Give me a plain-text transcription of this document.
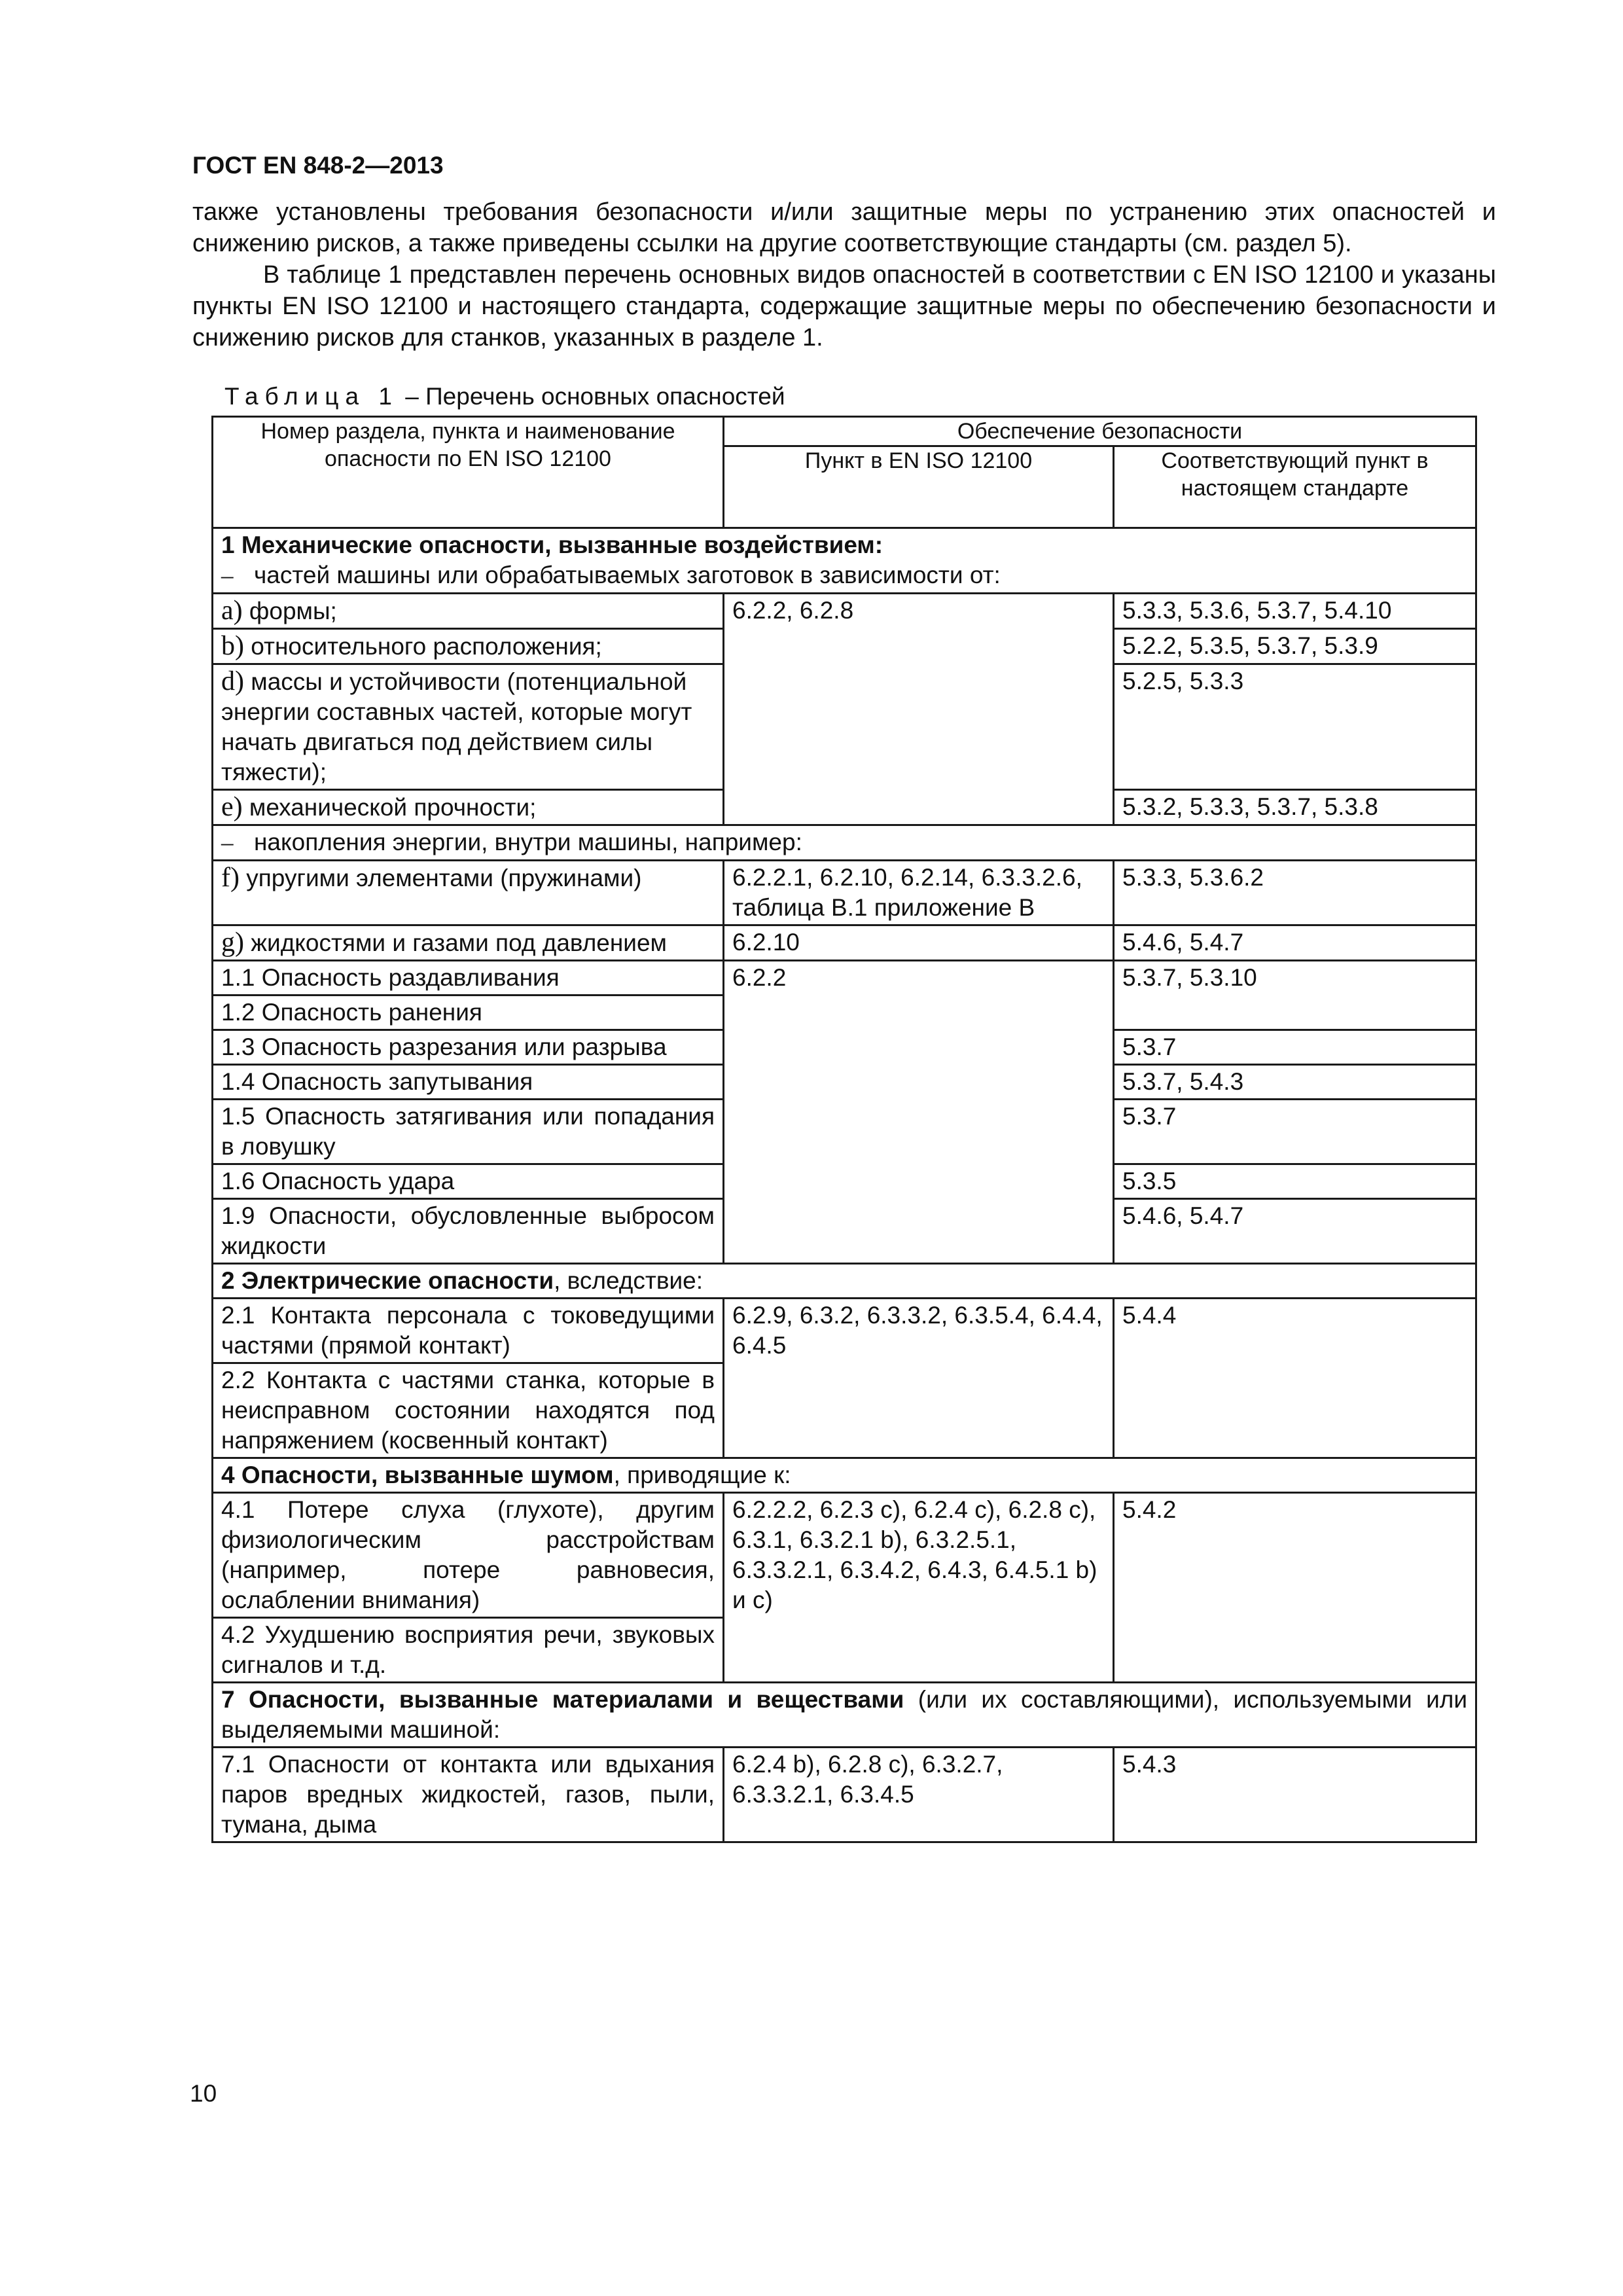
ГОСТ EN 848-2—2013

также установлены требования безопасности и/или защитные меры по устранению этих опасностей и снижению рисков, а также приведены ссылки на другие соответствующие стандарты (см. раздел 5).

В таблице 1 представлен перечень основных видов опасностей в соответствии с EN ISO 12100 и указаны пункты EN ISO 12100 и настоящего стандарта, содержащие защитные меры по обеспечению безопасности и снижению рисков для станков, указанных в разделе 1.

Таблица 1 – Перечень основных опасностей
Номер раздела, пункта и наименование опасности по EN ISO 12100	Обеспечение безопасности	
	Пункт в EN ISO 12100	Соответствующий пункт в настоящем стандарте

1 Механические опасности, вызванные воздействием:
– частей машины или обрабатываемых заготовок в зависимости от:		

а) формы;	6.2.2, 6.2.8	5.3.3, 5.3.6, 5.3.7, 5.4.10
b) относительного расположения;		5.2.2, 5.3.5, 5.3.7, 5.3.9
d) массы и устойчивости (потенциальной энергии составных частей, которые могут начать двигаться под действием силы тяжести);		5.2.5, 5.3.3
е) механической прочности;		5.3.2, 5.3.3, 5.3.7, 5.3.8
– накопления энергии, внутри машины, например:		
f) упругими элементами (пружинами)	6.2.2.1, 6.2.10, 6.2.14, 6.3.3.2.6, таблица В.1 приложение В	5.3.3, 5.3.6.2
g) жидкостями и газами под давлением	6.2.10	5.4.6, 5.4.7
1.1 Опасность раздавливания	6.2.2	5.3.7, 5.3.10
1.2 Опасность ранения		
1.3 Опасность разрезания или разрыва		5.3.7
1.4 Опасность запутывания		5.3.7, 5.4.3
1.5 Опасность затягивания или попадания в ловушку		5.3.7
1.6 Опасность удара		5.3.5
1.9 Опасности, обусловленные выбросом жидкости		5.4.6, 5.4.7
2 Электрические опасности, вследствие:		
2.1 Контакта персонала с токоведущими частями (прямой контакт)	6.2.9, 6.3.2, 6.3.3.2, 6.3.5.4, 6.4.4, 6.4.5	5.4.4
2.2 Контакта с частями станка, которые в неисправном состоянии находятся под напряжением (косвенный контакт)		
4 Опасности, вызванные шумом, приводящие к:		
4.1 Потере слуха (глухоте), другим физиологическим расстройствам (например, потере равновесия, ослаблении внимания)	6.2.2.2, 6.2.3 c), 6.2.4 c), 6.2.8 c), 6.3.1, 6.3.2.1 b), 6.3.2.5.1, 6.3.3.2.1, 6.3.4.2, 6.4.3, 6.4.5.1 b) и c)	5.4.2
4.2 Ухудшению восприятия речи, звуковых сигналов и т.д.		
7 Опасности, вызванные материалами и веществами (или их составляющими), используемыми или выделяемыми машиной:		
7.1 Опасности от контакта или вдыхания паров вредных жидкостей, газов, пыли, тумана, дыма	6.2.4 b), 6.2.8 c), 6.3.2.7, 6.3.3.2.1, 6.3.4.5	5.4.3
10
